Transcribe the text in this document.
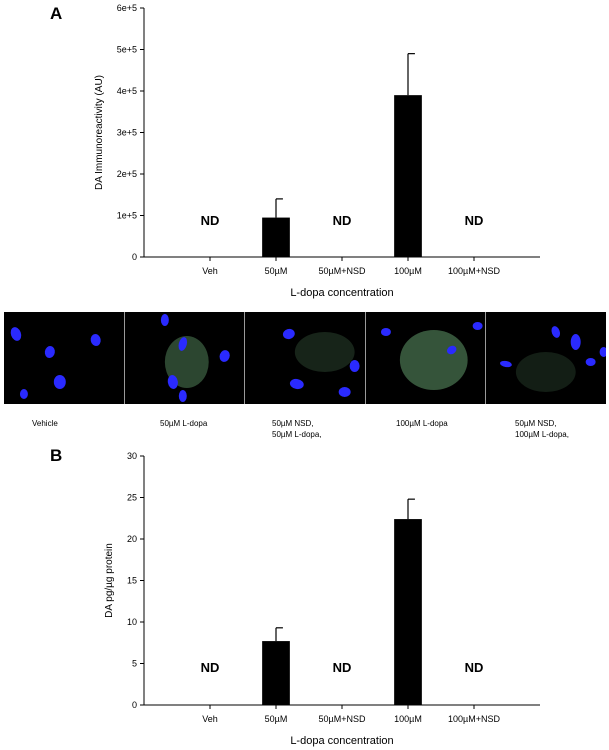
A
0
1e+5
2e+5
3e+5
4e+5
5e+5
6e+5
Veh
ND
50µM	50µM+NSD
ND
100µM	100µM+NSD
ND
L-dopa concentration
DA Immunoreactivity (AU)
Vehicle	50µM L-dopa	50µM NSD,
50µM L-dopa,
100µM L-dopa	50µM NSD,
100µM L-dopa,
B
0
5
10
15
20
25
30
Veh
ND
50µM	50µM+NSD
ND
100µM	100µM+NSD
ND
L-dopa concentration
DA pg/µg protein
